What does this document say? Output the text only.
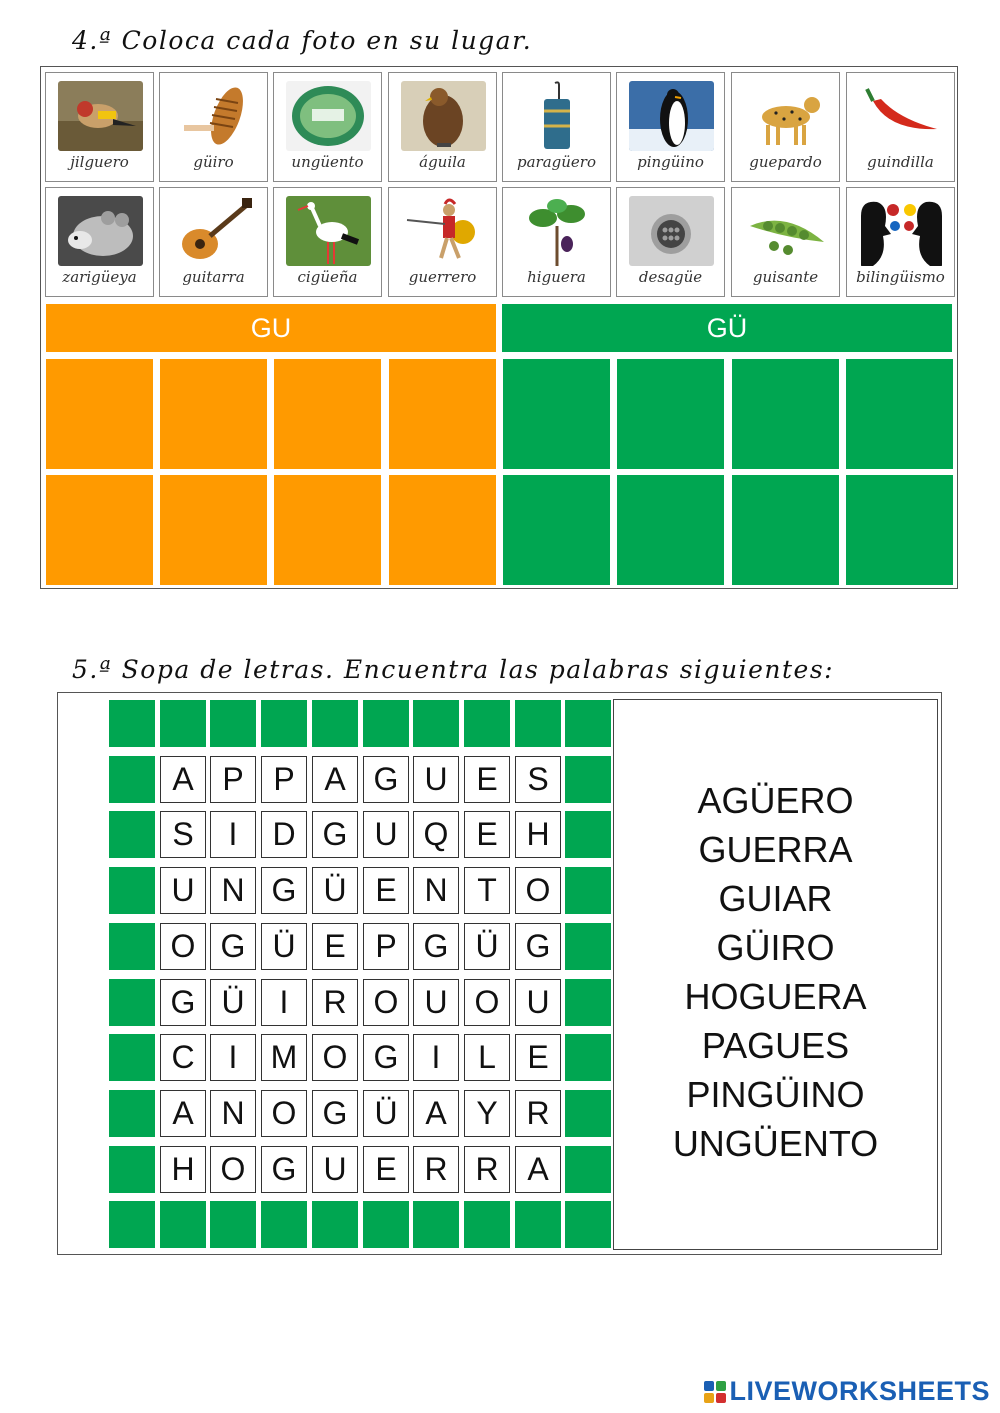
4.ª Coloca cada foto en su lugar.
jilguero	güiro	ungüento	águila	paragüero	pingüino	guepardo	guindilla
zarigüeya	guitarra	cigüeña	guerrero	higuera	desagüe	guisante	bilingüismo
GU	GÜ
5.ª Sopa de letras. Encuentra las palabras siguientes:
A P P A G U E S
S	I	D G U Q E H
U N G Ü E N T O
O G Ü E P G Ü G
G Ü	I	R O U O U
C	I	M O G	I	L E
A N O G Ü A Y R
H O G U E R R A
AGÜERO
GUERRA
GUIAR
GÜIRO
HOGUERA
PAGUES
PINGÜINO
UNGÜENTO
LIVEWORKSHEETS
